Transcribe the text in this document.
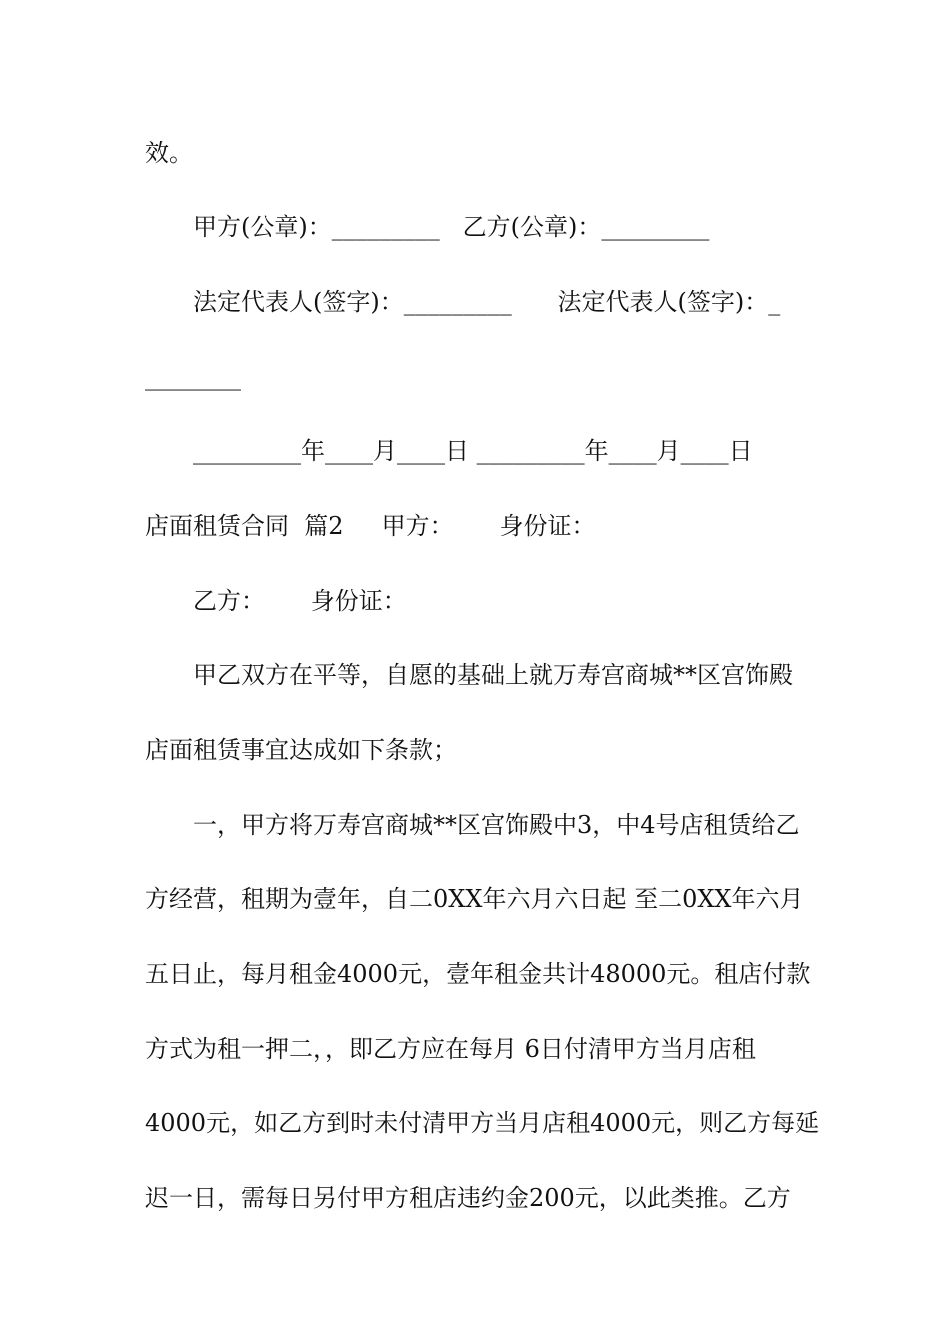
效。
甲方(公章)：_________   乙方(公章)：_________
法定代表人(签字)：_________      法定代表人(签字)：_
________
_________年____月____日 _________年____月____日
店面租赁合同  篇2     甲方：      身份证：
乙方：      身份证：
甲乙双方在平等，自愿的基础上就万寿宫商城**区宫饰殿
店面租赁事宜达成如下条款；
一，甲方将万寿宫商城**区宫饰殿中3，中4号店租赁给乙
方经营，租期为壹年，自二0XX年六月六日起 至二0XX年六月
五日止，每月租金4000元，壹年租金共计48000元。租店付款
方式为租一押二，，即乙方应在每月 6日付清甲方当月店租
4000元，如乙方到时未付清甲方当月店租4000元，则乙方每延
迟一日，需每日另付甲方租店违约金200元，以此类推。乙方
